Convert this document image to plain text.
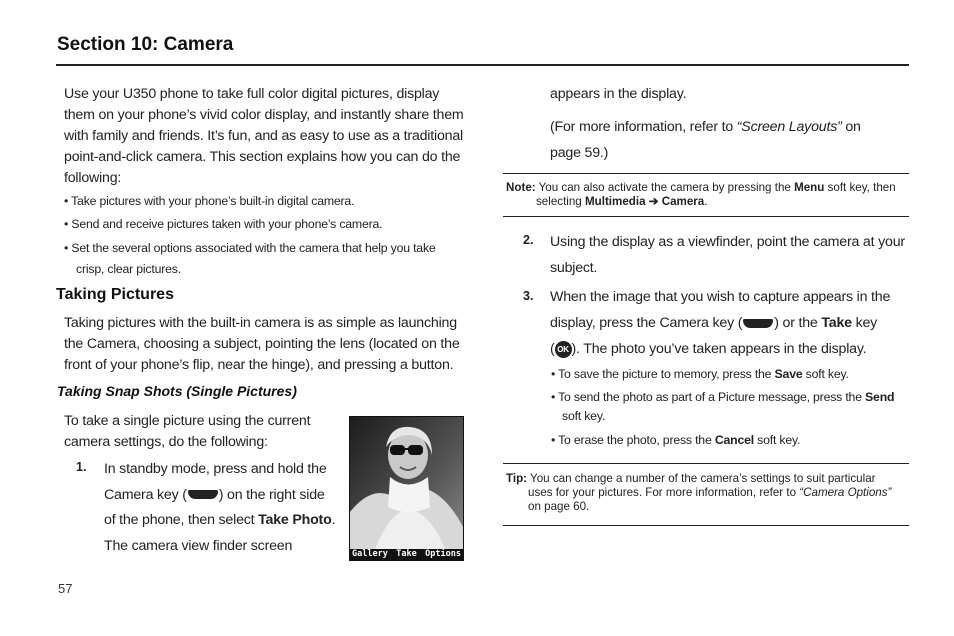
Section 10: Camera
Use your U350 phone to take full color digital pictures, display them on your phone’s vivid color display, and instantly share them with family and friends. It’s fun, and as easy to use as a traditional point-and-click camera. This section explains how you can do the following:
• Take pictures with your phone’s built-in digital camera.
• Send and receive pictures taken with your phone’s camera.
• Set the several options associated with the camera that help you take crisp, clear pictures.
Taking Pictures
Taking pictures with the built-in camera is as simple as launching the Camera, choosing a subject, pointing the lens (located on the front of your phone’s flip, near the hinge), and pressing a button.
Taking Snap Shots (Single Pictures)
To take a single picture using the current camera settings, do the following:
1. In standby mode, press and hold the
Camera key ( ) on the right side
of the phone, then select Take Photo.
The camera view finder screen
Gallery Take Options
appears in the display.
(For more information, refer to “Screen Layouts” on
page 59.)
Note: You can also activate the camera by pressing the Menu soft key, then
selecting Multimedia ➔ Camera.
2. Using the display as a viewfinder, point the camera at your
subject.
3. When the image that you wish to capture appears in the
display, press the Camera key ( ) or the Take key
( OK ). The photo you’ve taken appears in the display.
• To save the picture to memory, press the Save soft key.
• To send the photo as part of a Picture message, press the Send
soft key.
• To erase the photo, press the Cancel soft key.
Tip: You can change a number of the camera’s settings to suit particular
uses for your pictures. For more information, refer to “Camera Options”
on page 60.
57
